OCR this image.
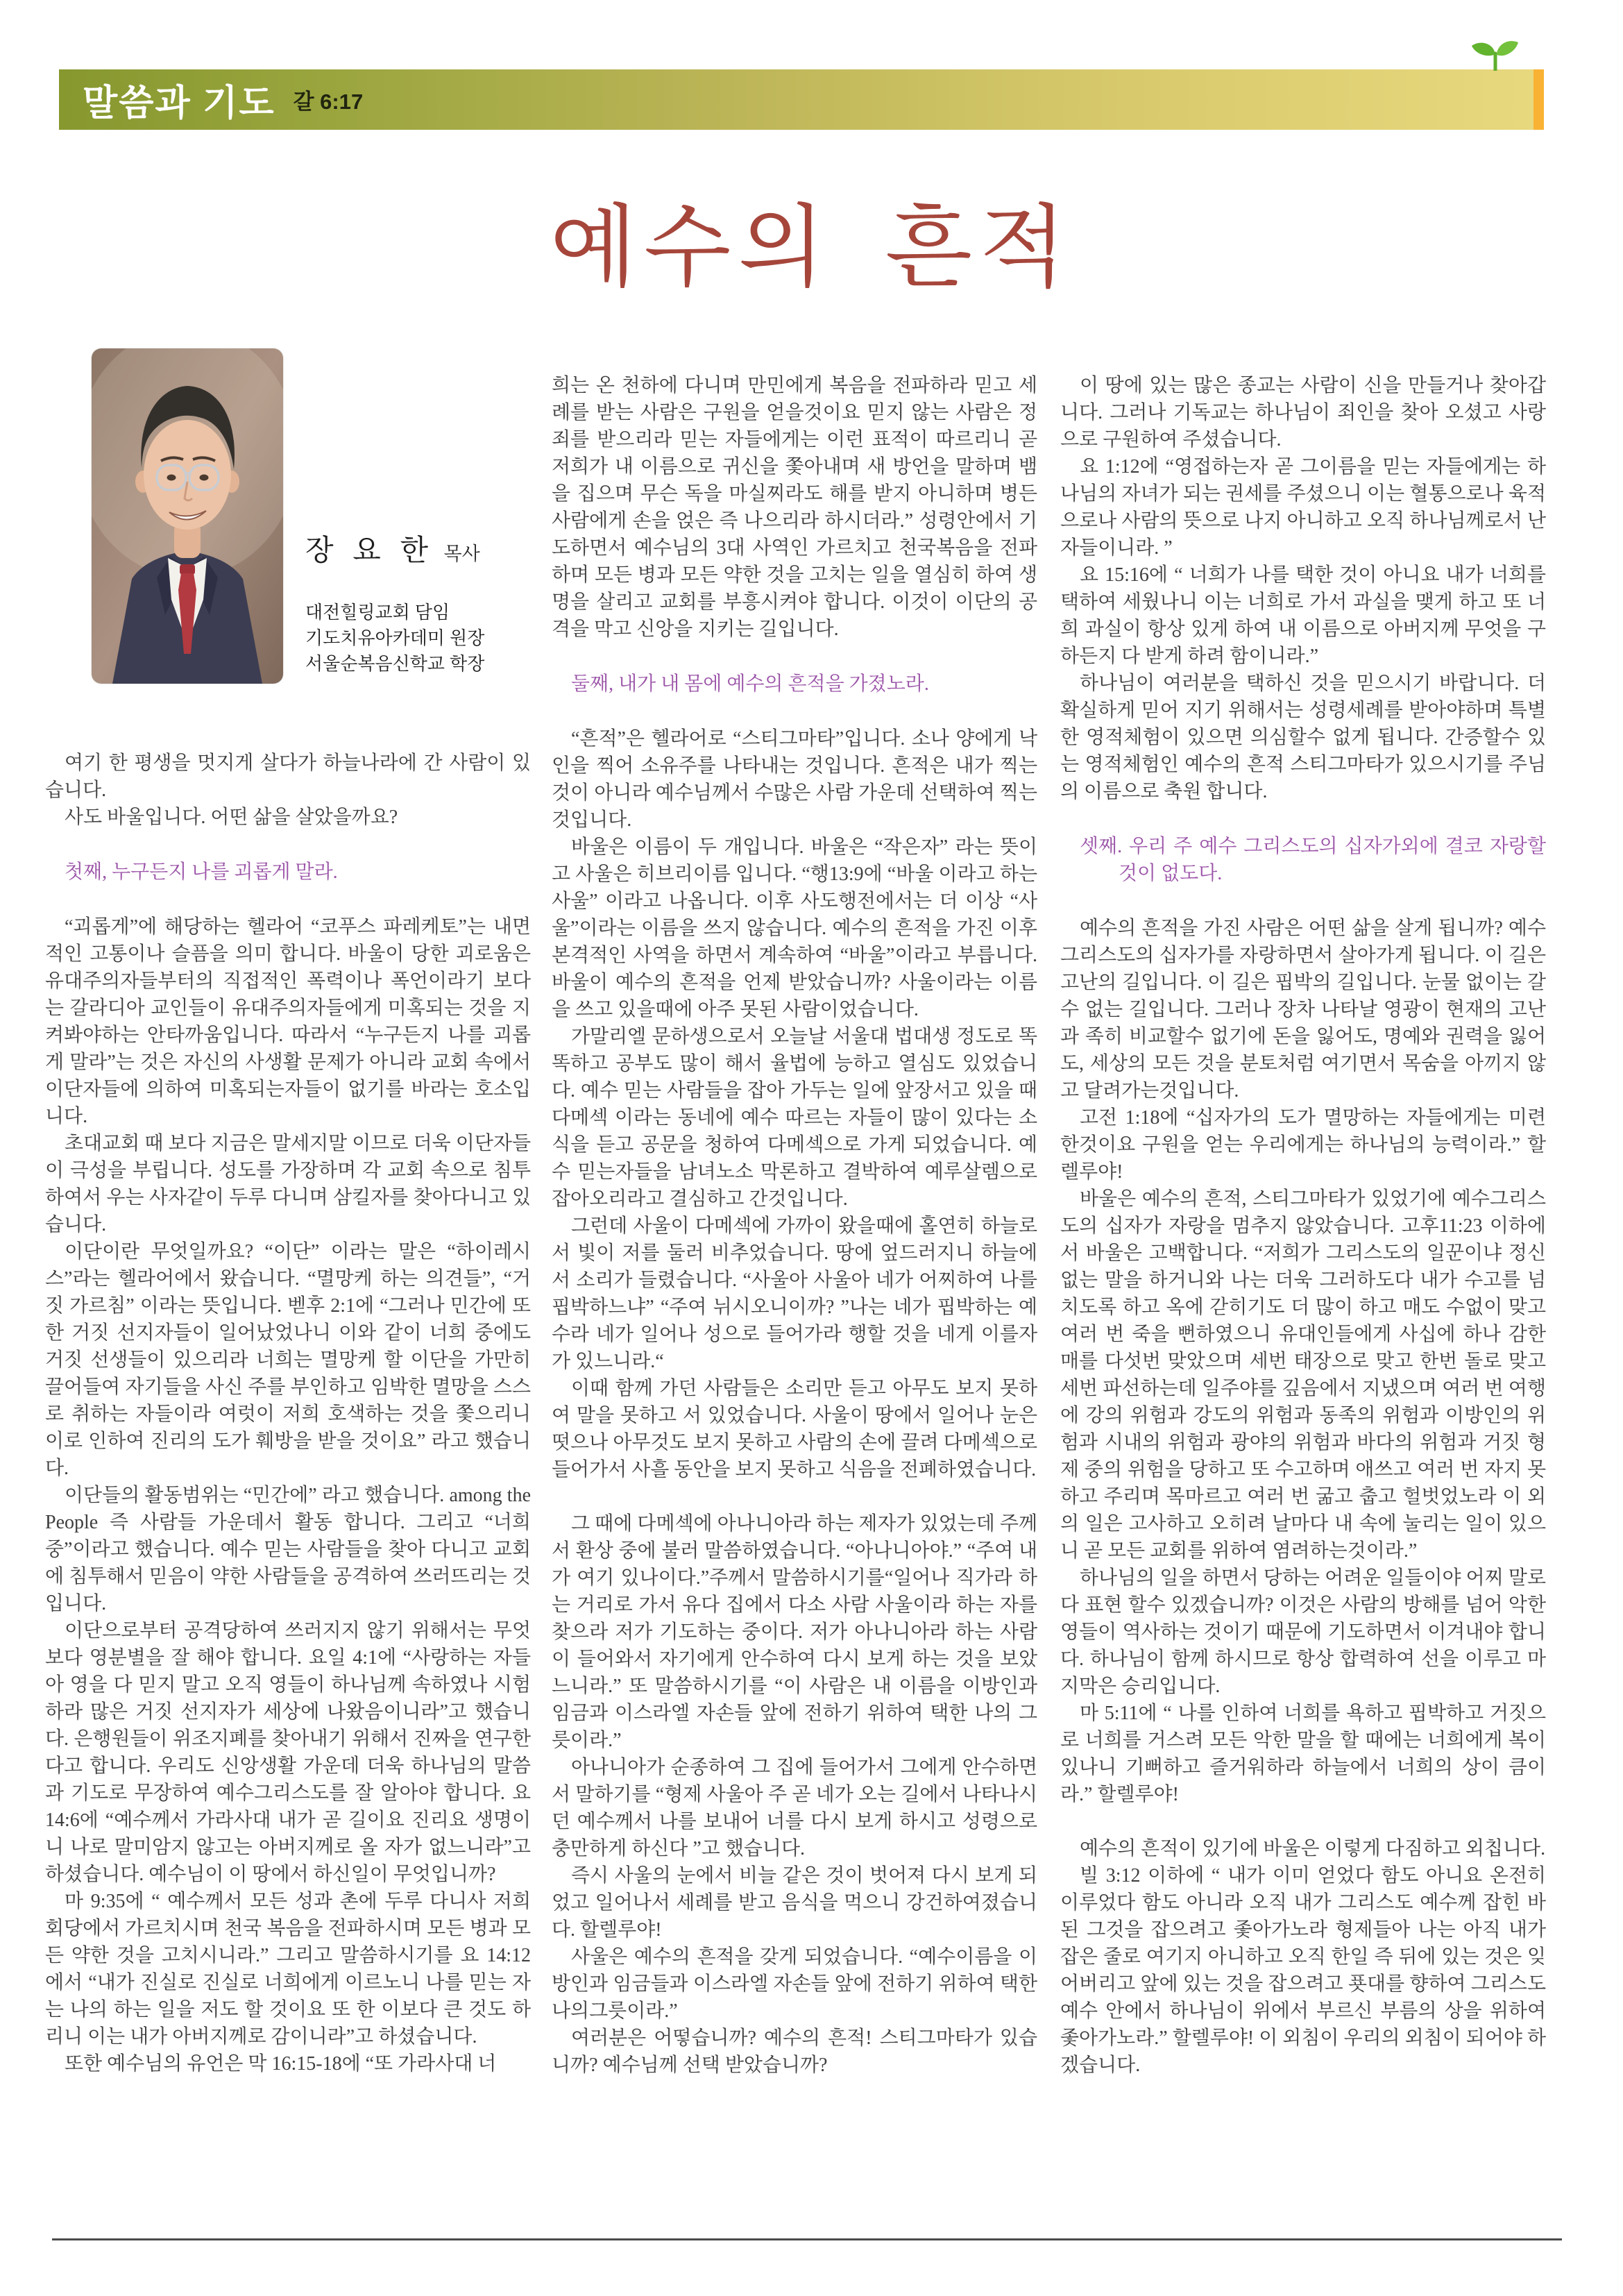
말씀과 기도 갈 6:17
예수의 흔적
장 요 한 목사
대전힐링교회 담임
기도치유아카데미 원장
서울순복음신학교 학장

여기 한 평생을 멋지게 살다가 하늘나라에 간 사람이 있습니다.

사도 바울입니다. 어떤 삶을 살았을까요?

첫째, 누구든지 나를 괴롭게 말라.

“괴롭게”에 해당하는 헬라어 “코푸스 파레케토”는 내면적인 고통이나 슬픔을 의미 합니다. 바울이 당한 괴로움은 유대주의자들부터의 직접적인 폭력이나 폭언이라기 보다는 갈라디아 교인들이 유대주의자들에게 미혹되는 것을 지켜봐야하는 안타까움입니다. 따라서 “누구든지 나를 괴롭게 말라”는 것은 자신의 사생활 문제가 아니라 교회 속에서 이단자들에 의하여 미혹되는자들이 없기를 바라는 호소입니다.

초대교회 때 보다 지금은 말세지말 이므로 더욱 이단자들이 극성을 부립니다. 성도를 가장하며 각 교회 속으로 침투하여서 우는 사자같이 두루 다니며 삼킬자를 찾아다니고 있습니다.

이단이란 무엇일까요? “이단” 이라는 말은 “하이레시스”라는 헬라어에서 왔습니다. “멸망케 하는 의견들”, “거짓 가르침” 이라는 뜻입니다. 벧후 2:1에 “그러나 민간에 또한 거짓 선지자들이 일어났었나니 이와 같이 너희 중에도 거짓 선생들이 있으리라 너희는 멸망케 할 이단을 가만히 끌어들여 자기들을 사신 주를 부인하고 임박한 멸망을 스스로 취하는 자들이라 여럿이 저희 호색하는 것을 쫓으리니 이로 인하여 진리의 도가 훼방을 받을 것이요” 라고 했습니다.

이단들의 활동범위는 “민간에” 라고 했습니다. among the People 즉 사람들 가운데서 활동 합니다. 그리고 “너희 중”이라고 했습니다. 예수 믿는 사람들을 찾아 다니고 교회에 침투해서 믿음이 약한 사람들을 공격하여 쓰러뜨리는 것입니다.

이단으로부터 공격당하여 쓰러지지 않기 위해서는 무엇보다 영분별을 잘 해야 합니다. 요일 4:1에 “사랑하는 자들아 영을 다 믿지 말고 오직 영들이 하나님께 속하였나 시험하라 많은 거짓 선지자가 세상에 나왔음이니라”고 했습니다. 은행원들이 위조지폐를 찾아내기 위해서 진짜을 연구한다고 합니다. 우리도 신앙생활 가운데 더욱 하나님의 말씀과 기도로 무장하여 예수그리스도를 잘 알아야 합니다. 요14:6에 “예수께서 가라사대 내가 곧 길이요 진리요 생명이니 나로 말미암지 않고는 아버지께로 올 자가 없느니라”고 하셨습니다. 예수님이 이 땅에서 하신일이 무엇입니까?

마 9:35에 “ 예수께서 모든 성과 촌에 두루 다니사 저희 회당에서 가르치시며 천국 복음을 전파하시며 모든 병과 모든 약한 것을 고치시니라.” 그리고 말씀하시기를 요 14:12에서 “내가 진실로 진실로 너희에게 이르노니 나를 믿는 자는 나의 하는 일을 저도 할 것이요 또 한 이보다 큰 것도 하리니 이는 내가 아버지께로 감이니라”고 하셨습니다.

또한 예수님의 유언은 막 16:15-18에 “또 가라사대 너

희는 온 천하에 다니며 만민에게 복음을 전파하라 믿고 세례를 받는 사람은 구원을 얻을것이요 믿지 않는 사람은 정죄를 받으리라 믿는 자들에게는 이런 표적이 따르리니 곧 저희가 내 이름으로 귀신을 쫓아내며 새 방언을 말하며 뱀을 집으며 무슨 독을 마실찌라도 해를 받지 아니하며 병든 사람에게 손을 얹은 즉 나으리라 하시더라.” 성령안에서 기도하면서 예수님의 3대 사역인 가르치고 천국복음을 전파하며 모든 병과 모든 약한 것을 고치는 일을 열심히 하여 생명을 살리고 교회를 부흥시켜야 합니다. 이것이 이단의 공격을 막고 신앙을 지키는 길입니다.

둘째, 내가 내 몸에 예수의 흔적을 가졌노라.

“흔적”은 헬라어로 “스티그마타”입니다. 소나 양에게 낙인을 찍어 소유주를 나타내는 것입니다. 흔적은 내가 찍는 것이 아니라 예수님께서 수많은 사람 가운데 선택하여 찍는 것입니다.

바울은 이름이 두 개입니다. 바울은 “작은자” 라는 뜻이고 사울은 히브리이름 입니다. “행13:9에 “바울 이라고 하는 사울” 이라고 나옵니다. 이후 사도행전에서는 더 이상 “사울”이라는 이름을 쓰지 않습니다. 예수의 흔적을 가진 이후 본격적인 사역을 하면서 계속하여 “바울”이라고 부릅니다. 바울이 예수의 흔적을 언제 받았습니까? 사울이라는 이름을 쓰고 있을때에 아주 못된 사람이었습니다.

가말리엘 문하생으로서 오늘날 서울대 법대생 정도로 똑똑하고 공부도 많이 해서 율법에 능하고 열심도 있었습니다. 예수 믿는 사람들을 잡아 가두는 일에 앞장서고 있을 때 다메섹 이라는 동네에 예수 따르는 자들이 많이 있다는 소식을 듣고 공문을 청하여 다메섹으로 가게 되었습니다. 예수 믿는자들을 남녀노소 막론하고 결박하여 예루살렘으로 잡아오리라고 결심하고 간것입니다.

그런데 사울이 다메섹에 가까이 왔을때에 홀연히 하늘로서 빛이 저를 둘러 비추었습니다. 땅에 엎드러지니 하늘에서 소리가 들렸습니다. “사울아 사울아 네가 어찌하여 나를 핍박하느냐” “주여 뉘시오니이까? ”나는 네가 핍박하는 예수라 네가 일어나 성으로 들어가라 행할 것을 네게 이를자가 있느니라.“

이때 함께 가던 사람들은 소리만 듣고 아무도 보지 못하여 말을 못하고 서 있었습니다. 사울이 땅에서 일어나 눈은 떳으나 아무것도 보지 못하고 사람의 손에 끌려 다메섹으로 들어가서 사흘 동안을 보지 못하고 식음을 전폐하였습니다.

그 때에 다메섹에 아나니아라 하는 제자가 있었는데 주께서 환상 중에 불러 말씀하였습니다. “아나니아야.” “주여 내가 여기 있나이다.”주께서 말씀하시기를“일어나 직가라 하는 거리로 가서 유다 집에서 다소 사람 사울이라 하는 자를 찾으라 저가 기도하는 중이다. 저가 아나니아라 하는 사람이 들어와서 자기에게 안수하여 다시 보게 하는 것을 보았느니라.” 또 말씀하시기를 “이 사람은 내 이름을 이방인과 임금과 이스라엘 자손들 앞에 전하기 위하여 택한 나의 그릇이라.”

아나니아가 순종하여 그 집에 들어가서 그에게 안수하면서 말하기를 “형제 사울아 주 곧 네가 오는 길에서 나타나시던 예수께서 나를 보내어 너를 다시 보게 하시고 성령으로 충만하게 하신다 ”고 했습니다.

즉시 사울의 눈에서 비늘 같은 것이 벗어져 다시 보게 되었고 일어나서 세례를 받고 음식을 먹으니 강건하여졌습니다. 할렐루야!

사울은 예수의 흔적을 갖게 되었습니다. “예수이름을 이방인과 임금들과 이스라엘 자손들 앞에 전하기 위하여 택한 나의그릇이라.”

여러분은 어떻습니까? 예수의 흔적! 스티그마타가 있습니까? 예수님께 선택 받았습니까?

이 땅에 있는 많은 종교는 사람이 신을 만들거나 찾아갑니다. 그러나 기독교는 하나님이 죄인을 찾아 오셨고 사랑으로 구원하여 주셨습니다.

요 1:12에 “영접하는자 곧 그이름을 믿는 자들에게는 하나님의 자녀가 되는 권세를 주셨으니 이는 혈통으로나 육적으로나 사람의 뜻으로 나지 아니하고 오직 하나님께로서 난 자들이니라. ”

요 15:16에 “ 너희가 나를 택한 것이 아니요 내가 너희를 택하여 세웠나니 이는 너희로 가서 과실을 맺게 하고 또 너희 과실이 항상 있게 하여 내 이름으로 아버지께 무엇을 구하든지 다 받게 하려 함이니라.”

하나님이 여러분을 택하신 것을 믿으시기 바랍니다. 더 확실하게 믿어 지기 위해서는 성령세례를 받아야하며 특별한 영적체험이 있으면 의심할수 없게 됩니다. 간증할수 있는 영적체험인 예수의 흔적 스티그마타가 있으시기를 주님의 이름으로 축원 합니다.

셋째. 우리 주 예수 그리스도의 십자가외에 결코 자랑할 것이 없도다.

예수의 흔적을 가진 사람은 어떤 삶을 살게 됩니까? 예수그리스도의 십자가를 자랑하면서 살아가게 됩니다. 이 길은 고난의 길입니다. 이 길은 핍박의 길입니다. 눈물 없이는 갈 수 없는 길입니다. 그러나 장차 나타날 영광이 현재의 고난과 족히 비교할수 없기에 돈을 잃어도, 명예와 권력을 잃어도, 세상의 모든 것을 분토처럼 여기면서 목숨을 아끼지 않고 달려가는것입니다.

고전 1:18에 “십자가의 도가 멸망하는 자들에게는 미련한것이요 구원을 얻는 우리에게는 하나님의 능력이라.” 할렐루야!

바울은 예수의 흔적, 스티그마타가 있었기에 예수그리스도의 십자가 자랑을 멈추지 않았습니다. 고후11:23 이하에서 바울은 고백합니다. “저희가 그리스도의 일꾼이냐 정신없는 말을 하거니와 나는 더욱 그러하도다 내가 수고를 넘치도록 하고 옥에 갇히기도 더 많이 하고 매도 수없이 맞고 여러 번 죽을 뻔하였으니 유대인들에게 사십에 하나 감한 매를 다섯번 맞았으며 세번 태장으로 맞고 한번 돌로 맞고 세번 파선하는데 일주야를 깊음에서 지냈으며 여러 번 여행에 강의 위험과 강도의 위험과 동족의 위험과 이방인의 위험과 시내의 위험과 광야의 위험과 바다의 위험과 거짓 형제 중의 위험을 당하고 또 수고하며 애쓰고 여러 번 자지 못하고 주리며 목마르고 여러 번 굶고 춥고 헐벗었노라 이 외의 일은 고사하고 오히려 날마다 내 속에 눌리는 일이 있으니 곧 모든 교회를 위하여 염려하는것이라.”

하나님의 일을 하면서 당하는 어려운 일들이야 어찌 말로 다 표현 할수 있겠습니까? 이것은 사람의 방해를 넘어 악한 영들이 역사하는 것이기 때문에 기도하면서 이겨내야 합니다. 하나님이 함께 하시므로 항상 합력하여 선을 이루고 마지막은 승리입니다.

마 5:11에 “ 나를 인하여 너희를 욕하고 핍박하고 거짓으로 너희를 거스려 모든 악한 말을 할 때에는 너희에게 복이 있나니 기뻐하고 즐거워하라 하늘에서 너희의 상이 큼이라.” 할렐루야!

예수의 흔적이 있기에 바울은 이렇게 다짐하고 외칩니다.

빌 3:12 이하에 “ 내가 이미 얻었다 함도 아니요 온전히 이루었다 함도 아니라 오직 내가 그리스도 예수께 잡힌 바 된 그것을 잡으려고 좇아가노라 형제들아 나는 아직 내가 잡은 줄로 여기지 아니하고 오직 한일 즉 뒤에 있는 것은 잊어버리고 앞에 있는 것을 잡으려고 푯대를 향하여 그리스도 예수 안에서 하나님이 위에서 부르신 부름의 상을 위하여 좇아가노라.” 할렐루야! 이 외침이 우리의 외침이 되어야 하겠습니다.
